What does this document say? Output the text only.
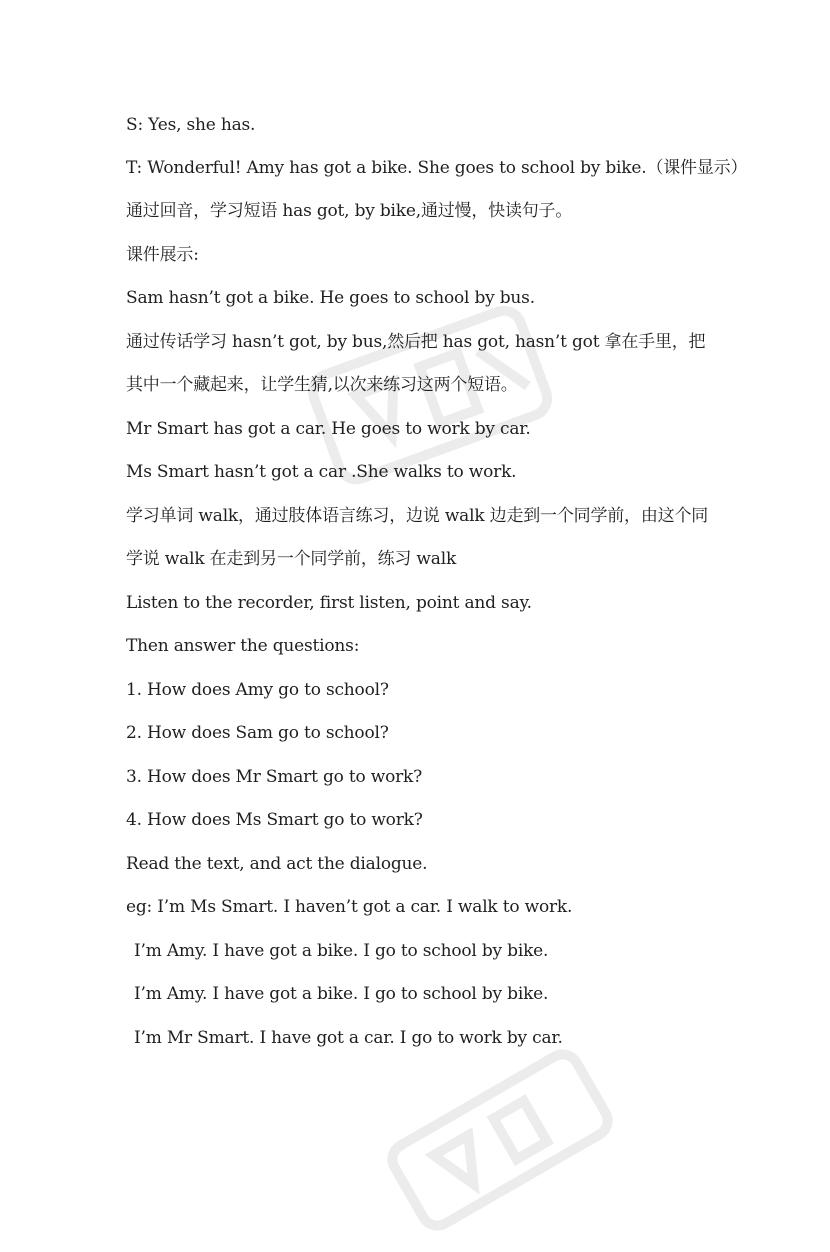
S: Yes, she has.
T: Wonderful! Amy has got a bike. She goes to school by bike.（课件显示）
通过回音，学习短语 has got, by bike,通过慢，快读句子。
课件展示:
Sam hasn’t got a bike. He goes to school by bus.
通过传话学习 hasn’t got, by bus,然后把 has got, hasn’t got 拿在手里，把
其中一个藏起来，让学生猜,以次来练习这两个短语。
Mr Smart has got a car. He goes to work by car.
Ms Smart hasn’t got a car .She walks to work.
学习单词 walk，通过肢体语言练习，边说 walk 边走到一个同学前，由这个同
学说 walk 在走到另一个同学前，练习 walk
Listen to the recorder, first listen, point and say.
Then answer the questions:
1. How does Amy go to school?
2. How does Sam go to school?
3. How does Mr Smart go to work?
4. How does Ms Smart go to work?
Read the text, and act the dialogue.
eg: I’m Ms Smart. I haven’t got a car. I walk to work.
I’m Amy. I have got a bike. I go to school by bike.
I’m Amy. I have got a bike. I go to school by bike.
I’m Mr Smart. I have got a car. I go to work by car.
